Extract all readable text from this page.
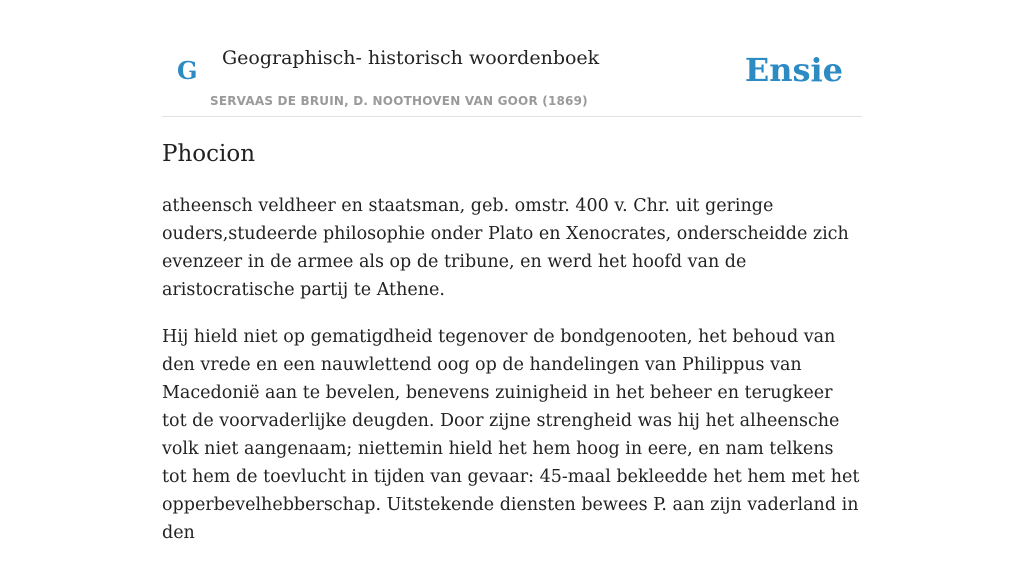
G Geographisch- historisch woordenboek
SERVAAS DE BRUIN, D. NOOTHOVEN VAN GOOR (1869)
Ensie
Phocion

atheensch veldheer en staatsman, geb. omstr. 400 v. Chr. uit geringe ouders,studeerde philosophie onder Plato en Xenocrates, onderscheidde zich evenzeer in de armee als op de tribune, en werd het hoofd van de aristocratische partij te Athene.

Hij hield niet op gematigdheid tegenover de bondgenooten, het behoud van den vrede en een nauwlettend oog op de handelingen van Philippus van Macedonië aan te bevelen, benevens zuinigheid in het beheer en terugkeer tot de voorvaderlijke deugden. Door zijne strengheid was hij het alheensche volk niet aangenaam; niettemin hield het hem hoog in eere, en nam telkens tot hem de toevlucht in tijden van gevaar: 45-maal bekleedde het hem met het opperbevelhebberschap. Uitstekende diensten bewees P. aan zijn vaderland in den
